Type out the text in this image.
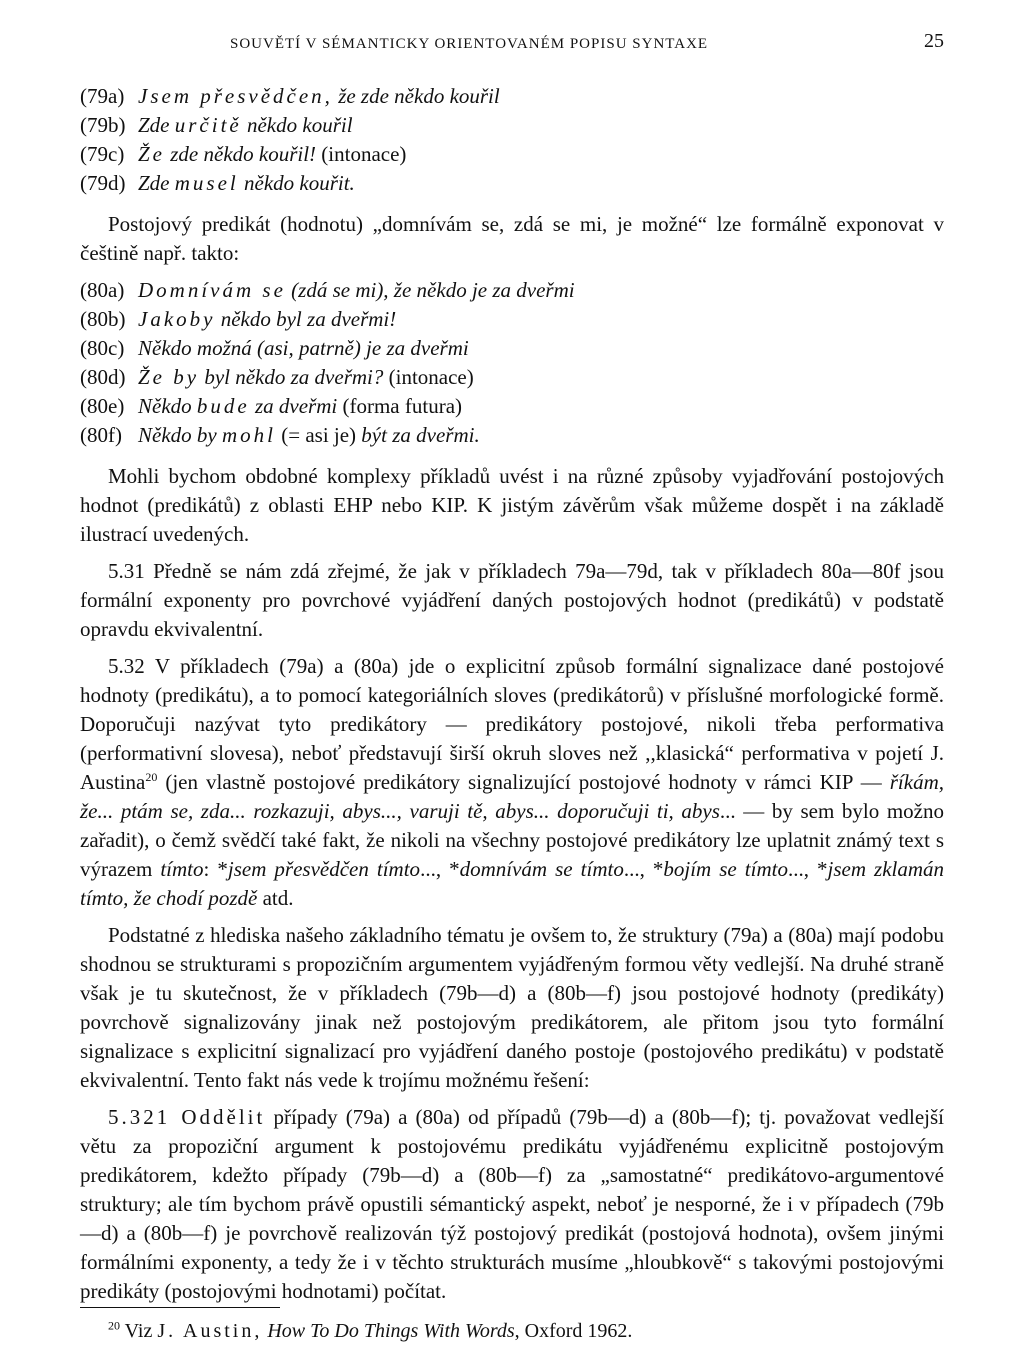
SOUVĚTÍ V SÉMANTICKY ORIENTOVANÉM POPISU SYNTAXE	25
(79a) Jsem přesvědčen, že zde někdo kouřil
(79b) Zde určitě někdo kouřil
(79c) Že zde někdo kouřil! (intonace)
(79d) Zde musel někdo kouřit.

Postojový predikát (hodnotu) „domnívám se, zdá se mi, je možné“ lze formálně exponovat v češtině např. takto:

(80a) Domnívám se (zdá se mi), že někdo je za dveřmi
(80b) Jakoby někdo byl za dveřmi!
(80c) Někdo možná (asi, patrně) je za dveřmi
(80d) Že by byl někdo za dveřmi? (intonace)
(80e) Někdo bude za dveřmi (forma futura)
(80f) Někdo by mohl (= asi je) být za dveřmi.

Mohli bychom obdobné komplexy příkladů uvést i na různé způsoby vyjadřování postojových hodnot (predikátů) z oblasti EHP nebo KIP. K jistým závěrům však můžeme dospět i na základě ilustrací uvedených.

5.31 Předně se nám zdá zřejmé, že jak v příkladech 79a—79d, tak v příkladech 80a—80f jsou formální exponenty pro povrchové vyjádření daných postojových hodnot (predikátů) v podstatě opravdu ekvivalentní.

5.32 V příkladech (79a) a (80a) jde o explicitní způsob formální signalizace dané postojové hodnoty (predikátu), a to pomocí kategoriálních sloves (predikátorů) v příslušné morfologické formě. Doporučuji nazývat tyto predikátory — predikátory postojové, nikoli třeba performativa (performativní slovesa), neboť představují širší okruh sloves než ,,klasická“ performativa v pojetí J. Austina$^{20}$ (jen vlastně postojové predikátory signalizující postojové hodnoty v rámci KIP — říkám, že... ptám se, zda... rozkazuji, abys..., varuji tě, abys... doporučuji ti, abys... — by sem bylo možno zařadit), o čemž svědčí také fakt, že nikoli na všechny postojové predikátory lze uplatnit známý text s výrazem tímto: *jsem přesvědčen tímto..., *domnívám se tímto..., *bojím se tímto..., *jsem zklamán tímto, že chodí pozdě atd.

Podstatné z hlediska našeho základního tématu je ovšem to, že struktury (79a) a (80a) mají podobu shodnou se strukturami s propozičním argumentem vyjádřeným formou věty vedlejší. Na druhé straně však je tu skutečnost, že v příkladech (79b—d) a (80b—f) jsou postojové hodnoty (predikáty) povrchově signalizovány jinak než postojovým predikátorem, ale přitom jsou tyto formální signalizace s explicitní signalizací pro vyjádření daného postoje (postojového predikátu) v podstatě ekvivalentní. Tento fakt nás vede k trojímu možnému řešení:

5.321 Oddělit případy (79a) a (80a) od případů (79b—d) a (80b—f); tj. považovat vedlejší větu za propoziční argument k postojovému predikátu vyjádřenému explicitně postojovým predikátorem, kdežto případy (79b—d) a (80b—f) za „samostatné“ predikátovo-argumentové struktury; ale tím bychom právě opustili sémantický aspekt, neboť je nesporné, že i v případech (79b—d) a (80b—f) je povrchově realizován týž postojový predikát (postojová hodnota), ovšem jinými formálními exponenty, a tedy že i v těchto strukturách musíme „hloubkově“ s takovými postojovými predikáty (postojovými hodnotami) počítat.

$^{20}$ Viz J. Austin, How To Do Things With Words, Oxford 1962.
